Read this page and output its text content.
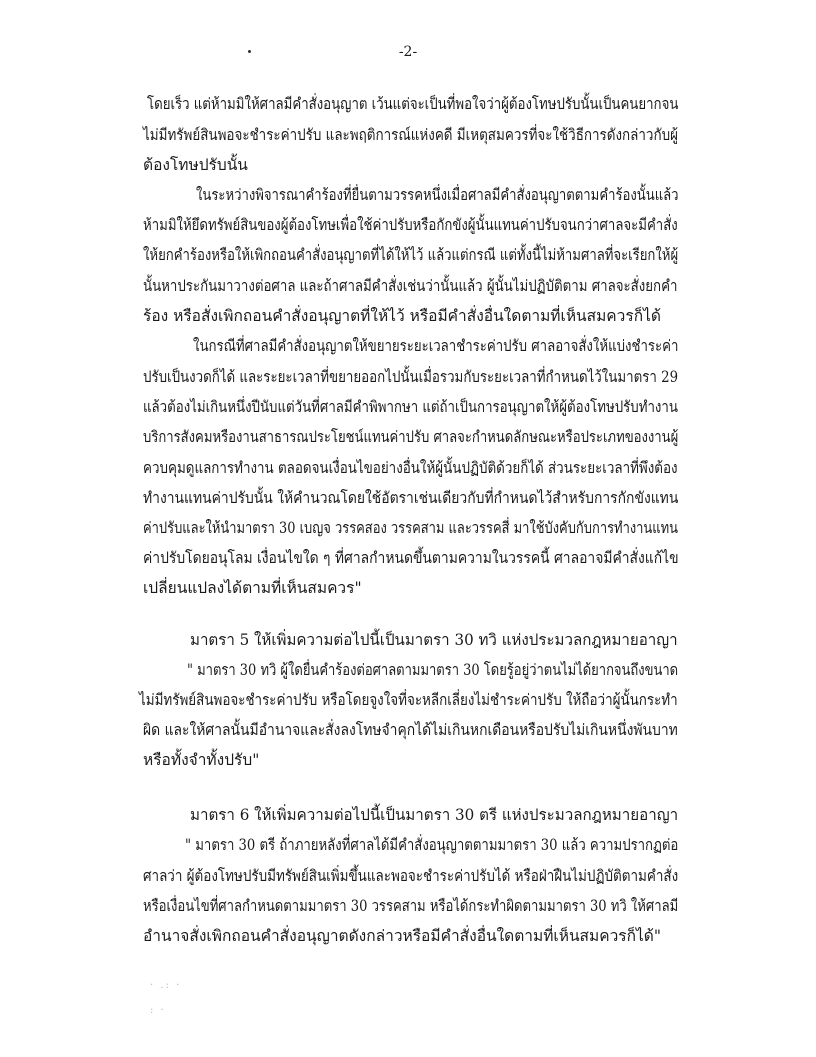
-2-
โดยเร็ว แต่ห้ามมิให้ศาลมีคำสั่งอนุญาต เว้นแต่จะเป็นที่พอใจว่าผู้ต้องโทษปรับนั้นเป็นคนยากจน
ไม่มีทรัพย์สินพอจะชำระค่าปรับ และพฤติการณ์แห่งคดี มีเหตุสมควรที่จะใช้วิธีการดังกล่าวกับผู้
ต้องโทษปรับนั้น
ในระหว่างพิจารณาคำร้องที่ยื่นตามวรรคหนึ่งเมื่อศาลมีคำสั่งอนุญาตตามคำร้องนั้นแล้ว
ห้ามมิให้ยึดทรัพย์สินของผู้ต้องโทษเพื่อใช้ค่าปรับหรือกักขังผู้นั้นแทนค่าปรับจนกว่าศาลจะมีคำสั่ง
ให้ยกคำร้องหรือให้เพิกถอนคำสั่งอนุญาตที่ได้ให้ไว้ แล้วแต่กรณี แต่ทั้งนี้ไม่ห้ามศาลที่จะเรียกให้ผู้
นั้นหาประกันมาวางต่อศาล และถ้าศาลมีคำสั่งเช่นว่านั้นแล้ว ผู้นั้นไม่ปฏิบัติตาม ศาลจะสั่งยกคำ
ร้อง หรือสั่งเพิกถอนคำสั่งอนุญาตที่ให้ไว้ หรือมีคำสั่งอื่นใดตามที่เห็นสมควรก็ได้
ในกรณีที่ศาลมีคำสั่งอนุญาตให้ขยายระยะเวลาชำระค่าปรับ ศาลอาจสั่งให้แบ่งชำระค่า
ปรับเป็นงวดก็ได้ และระยะเวลาที่ขยายออกไปนั้นเมื่อรวมกับระยะเวลาที่กำหนดไว้ในมาตรา 29
แล้วต้องไม่เกินหนึ่งปีนับแต่วันที่ศาลมีคำพิพากษา แต่ถ้าเป็นการอนุญาตให้ผู้ต้องโทษปรับทำงาน
บริการสังคมหรืองานสาธารณประโยชน์แทนค่าปรับ ศาลจะกำหนดลักษณะหรือประเภทของงานผู้
ควบคุมดูแลการทำงาน ตลอดจนเงื่อนไขอย่างอื่นให้ผู้นั้นปฏิบัติด้วยก็ได้ ส่วนระยะเวลาที่พึงต้อง
ทำงานแทนค่าปรับนั้น ให้คำนวณโดยใช้อัตราเช่นเดียวกับที่กำหนดไว้สำหรับการกักขังแทน
ค่าปรับและให้นำมาตรา 30 เบญจ วรรคสอง วรรคสาม และวรรคสี่ มาใช้บังคับกับการทำงานแทน
ค่าปรับโดยอนุโลม เงื่อนไขใด ๆ ที่ศาลกำหนดขึ้นตามความในวรรคนี้ ศาลอาจมีคำสั่งแก้ไข
เปลี่ยนแปลงได้ตามที่เห็นสมควร"
มาตรา 5 ให้เพิ่มความต่อไปนี้เป็นมาตรา 30 ทวิ แห่งประมวลกฎหมายอาญา
" มาตรา 30 ทวิ ผู้ใดยื่นคำร้องต่อศาลตามมาตรา 30 โดยรู้อยู่ว่าตนไม่ได้ยากจนถึงขนาด
ไม่มีทรัพย์สินพอจะชำระค่าปรับ หรือโดยจูงใจที่จะหลีกเลี่ยงไม่ชำระค่าปรับ ให้ถือว่าผู้นั้นกระทำ
ผิด และให้ศาลนั้นมีอำนาจและสั่งลงโทษจำคุกได้ไม่เกินหกเดือนหรือปรับไม่เกินหนึ่งพันบาท
หรือทั้งจำทั้งปรับ"
มาตรา 6 ให้เพิ่มความต่อไปนี้เป็นมาตรา 30 ตรี แห่งประมวลกฎหมายอาญา
" มาตรา 30 ตรี ถ้าภายหลังที่ศาลได้มีคำสั่งอนุญาตตามมาตรา 30 แล้ว ความปรากฏต่อ
ศาลว่า ผู้ต้องโทษปรับมีทรัพย์สินเพิ่มขึ้นและพอจะชำระค่าปรับได้ หรือฝ่าฝืนไม่ปฏิบัติตามคำสั่ง
หรือเงื่อนไขที่ศาลกำหนดตามมาตรา 30 วรรคสาม หรือได้กระทำผิดตามมาตรา 30 ทวิ ให้ศาลมี
อำนาจสั่งเพิกถอนคำสั่งอนุญาตดังกล่าวหรือมีคำสั่งอื่นใดตามที่เห็นสมควรก็ได้"
· .: ·
: ·
